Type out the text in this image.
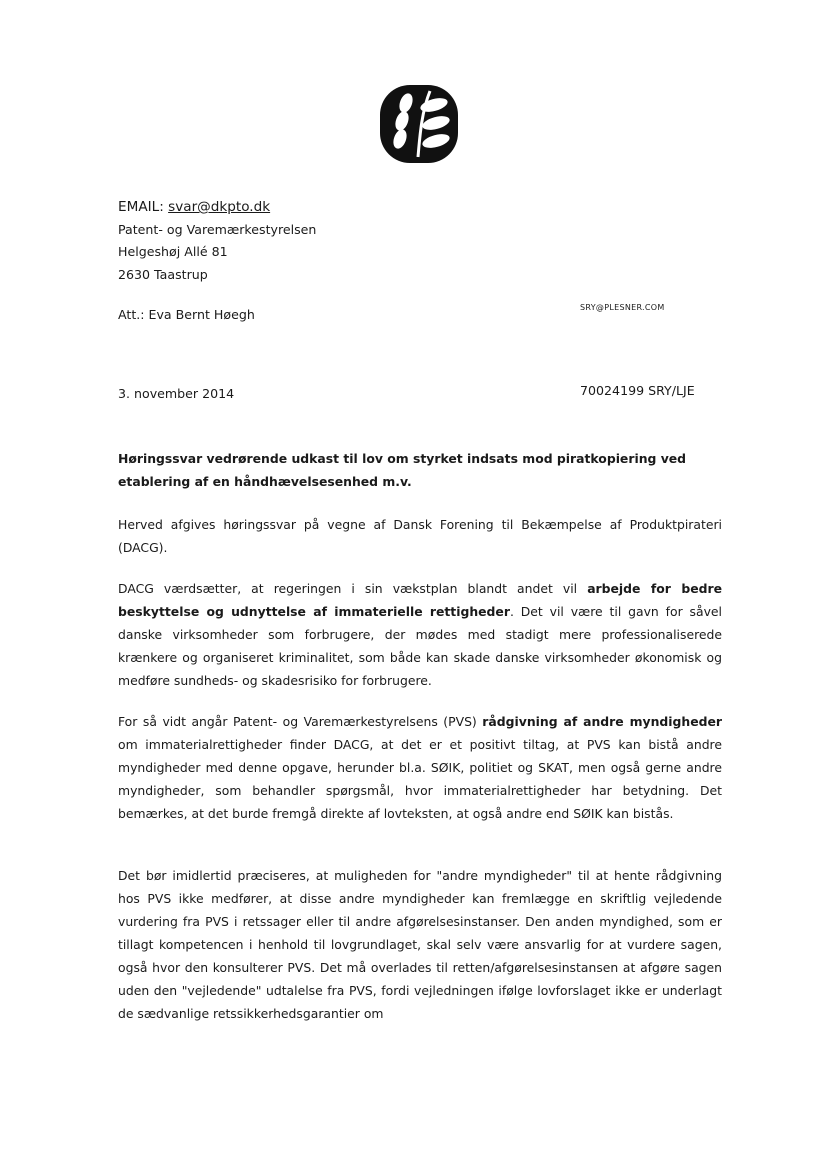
EMAIL: svar@dkpto.dk
Patent- og Varemærkestyrelsen
Helgeshøj Allé 81
2630 Taastrup
SRY@PLESNER.COM
Att.: Eva Bernt Høegh
3. november 2014	70024199 SRY/LJE
Høringssvar vedrørende udkast til lov om styrket indsats mod piratkopiering ved etablering af en håndhævelsesenhed m.v.

Herved afgives høringssvar på vegne af Dansk Forening til Bekæmpelse af Produktpirateri (DACG).

DACG værdsætter, at regeringen i sin vækstplan blandt andet vil arbejde for bedre beskyttelse og udnyttelse af immaterielle rettigheder. Det vil være til gavn for såvel danske virksomheder som forbrugere, der mødes med stadigt mere professionaliserede krænkere og organiseret kriminalitet, som både kan skade danske virksomheder økonomisk og medføre sundheds- og skadesrisiko for forbrugere.

For så vidt angår Patent- og Varemærkestyrelsens (PVS) rådgivning af andre myndigheder om immaterialrettigheder finder DACG, at det er et positivt tiltag, at PVS kan bistå andre myndigheder med denne opgave, herunder bl.a. SØIK, politiet og SKAT, men også gerne andre myndigheder, som behandler spørgsmål, hvor immaterialrettigheder har betydning. Det bemærkes, at det burde fremgå direkte af lovteksten, at også andre end SØIK kan bistås.

Det bør imidlertid præciseres, at muligheden for "andre myndigheder" til at hente rådgivning hos PVS ikke medfører, at disse andre myndigheder kan fremlægge en skriftlig vejledende vurdering fra PVS i retssager eller til andre afgørelsesinstanser. Den anden myndighed, som er tillagt kompetencen i henhold til lovgrundlaget, skal selv være ansvarlig for at vurdere sagen, også hvor den konsulterer PVS. Det må overlades til retten/afgørelsesinstansen at afgøre sagen uden den "vejledende" udtalelse fra PVS, fordi vejledningen ifølge lovforslaget ikke er underlagt de sædvanlige retssikkerhedsgarantier om
